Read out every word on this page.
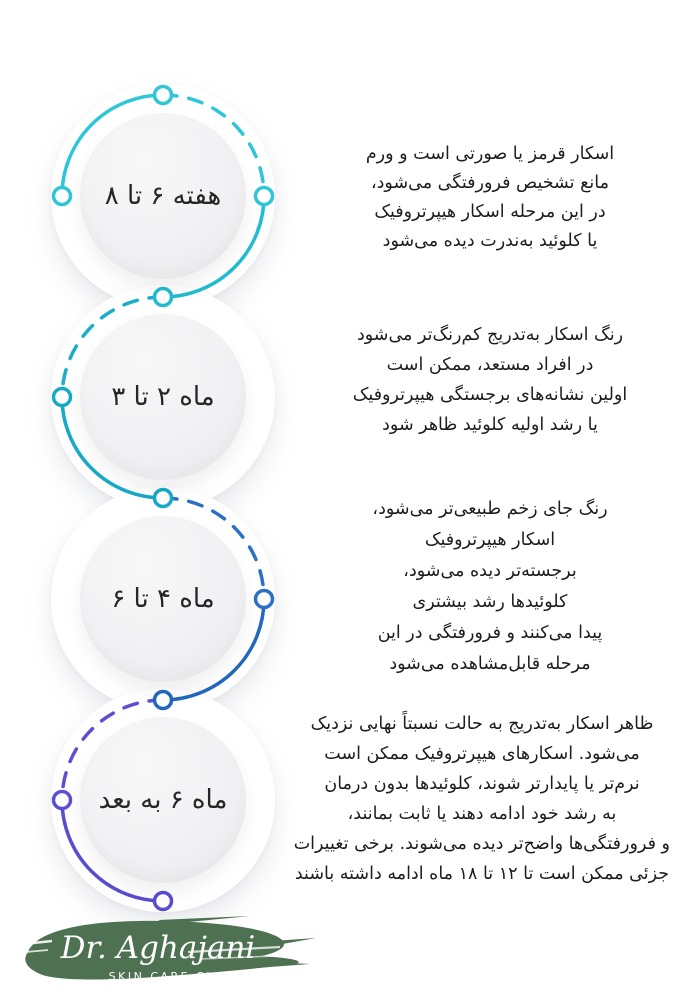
هفته ۶ تا ۸
ماه ۲ تا ۳
ماه ۴ تا ۶
ماه ۶ به بعد
اسکار قرمز یا صورتی است و ورم
مانع تشخیص فرورفتگی می‌شود،
در این مرحله اسکار هیپرتروفیک
یا کلوئید به‌ندرت دیده می‌شود
رنگ اسکار به‌تدریج کم‌رنگ‌تر می‌شود
در افراد مستعد، ممکن است
اولین نشانه‌های برجستگی هیپرتروفیک
یا رشد اولیه کلوئید ظاهر شود
رنگ جای زخم طبیعی‌تر می‌شود،
اسکار هیپرتروفیک
برجسته‌تر دیده می‌شود،
کلوئیدها رشد بیشتری
پیدا می‌کنند و فرورفتگی در این
مرحله قابل‌مشاهده می‌شود
ظاهر اسکار به‌تدریج به حالت نسبتاً نهایی نزدیک
می‌شود. اسکارهای هیپرتروفیک ممکن است
نرم‌تر یا پایدارتر شوند، کلوئیدها بدون درمان
به رشد خود ادامه دهند یا ثابت بمانند،
و فرورفتگی‌ها واضح‌تر دیده می‌شوند. برخی تغییرات
جزئی ممکن است تا ۱۲ تا ۱۸ ماه ادامه داشته باشند
Dr. Aghajani
SKIN CARE CLINIC
